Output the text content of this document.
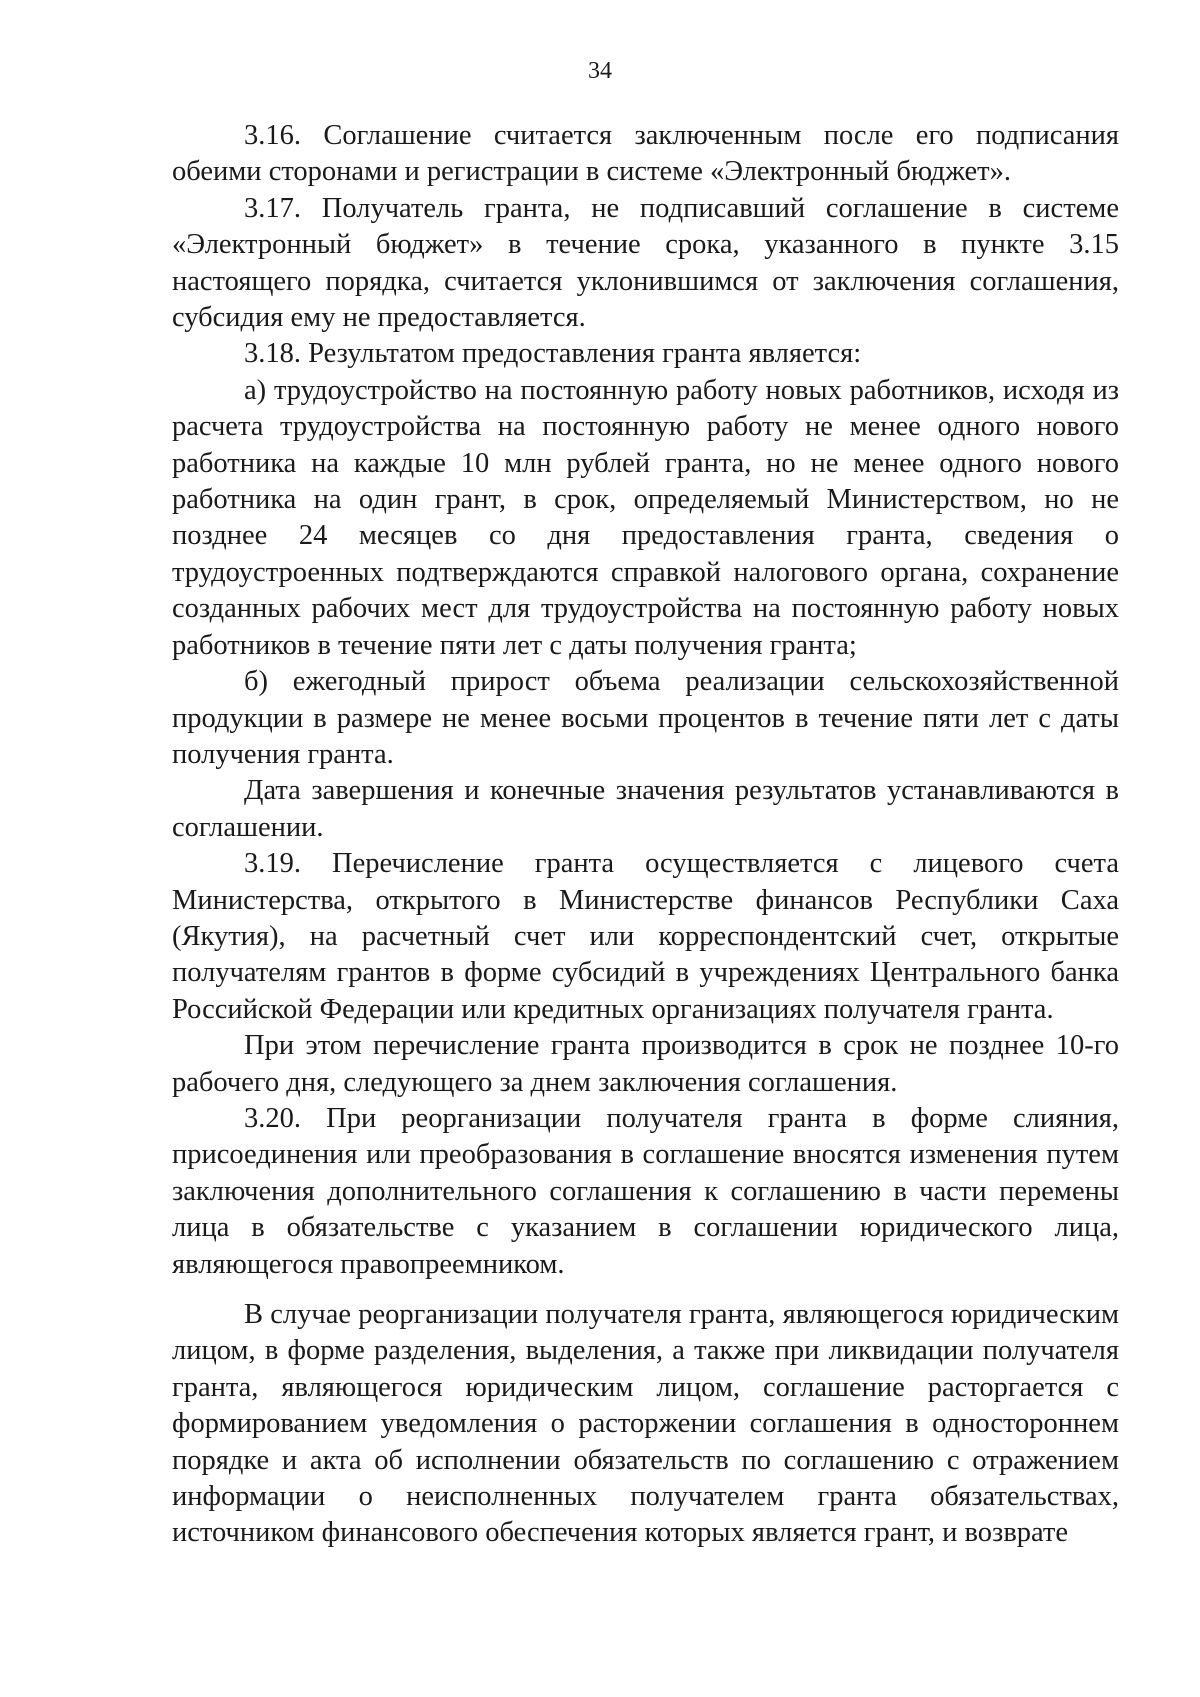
34

3.16. Соглашение считается заключенным после его подписания обеими сторонами и регистрации в системе «Электронный бюджет».

3.17. Получатель гранта, не подписавший соглашение в системе «Электронный бюджет» в течение срока, указанного в пункте 3.15 настоящего порядка, считается уклонившимся от заключения соглашения, субсидия ему не предоставляется.

3.18. Результатом предоставления гранта является:

а) трудоустройство на постоянную работу новых работников, исходя из расчета трудоустройства на постоянную работу не менее одного нового работника на каждые 10 млн рублей гранта, но не менее одного нового работника на один грант, в срок, определяемый Министерством, но не позднее 24 месяцев со дня предоставления гранта, сведения о трудоустроенных подтверждаются справкой налогового органа, сохранение созданных рабочих мест для трудоустройства на постоянную работу новых работников в течение пяти лет с даты получения гранта;

б) ежегодный прирост объема реализации сельскохозяйственной продукции в размере не менее восьми процентов в течение пяти лет с даты получения гранта.

Дата завершения и конечные значения результатов устанавливаются в соглашении.

3.19. Перечисление гранта осуществляется с лицевого счета Министерства, открытого в Министерстве финансов Республики Саха (Якутия), на расчетный счет или корреспондентский счет, открытые получателям грантов в форме субсидий в учреждениях Центрального банка Российской Федерации или кредитных организациях получателя гранта.

При этом перечисление гранта производится в срок не позднее 10-го рабочего дня, следующего за днем заключения соглашения.

3.20. При реорганизации получателя гранта в форме слияния, присоединения или преобразования в соглашение вносятся изменения путем заключения дополнительного соглашения к соглашению в части перемены лица в обязательстве с указанием в соглашении юридического лица, являющегося правопреемником.

В случае реорганизации получателя гранта, являющегося юридическим лицом, в форме разделения, выделения, а также при ликвидации получателя гранта, являющегося юридическим лицом, соглашение расторгается с формированием уведомления о расторжении соглашения в одностороннем порядке и акта об исполнении обязательств по соглашению с отражением информации о неисполненных получателем гранта обязательствах, источником финансового обеспечения которых является грант, и возврате
